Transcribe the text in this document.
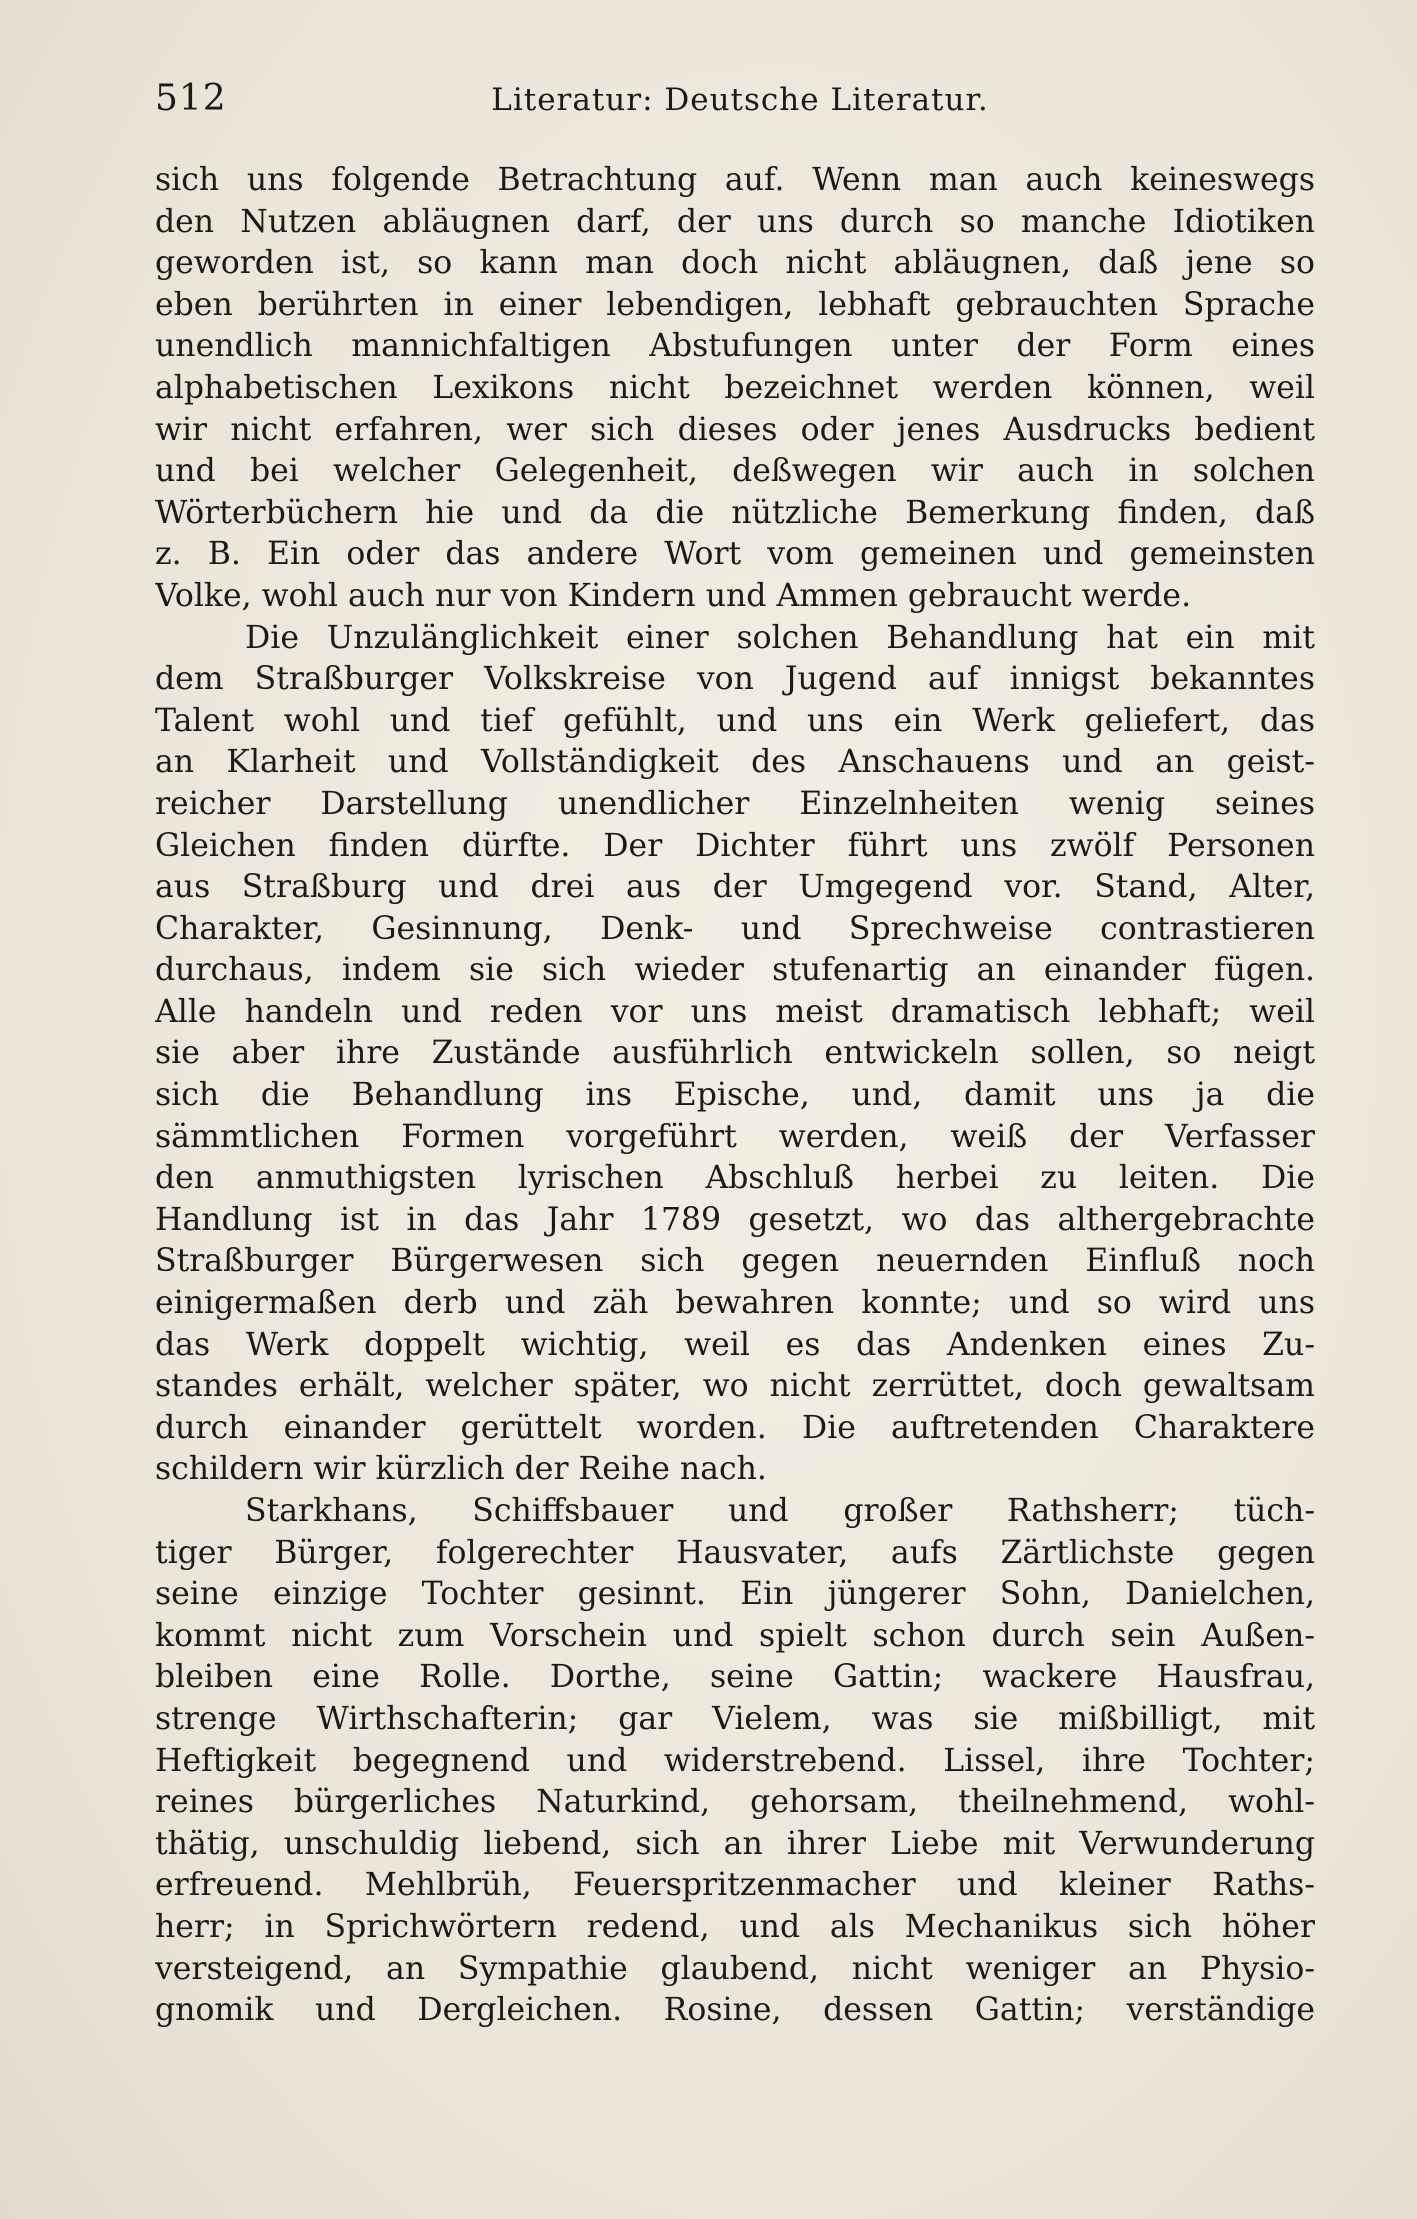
512	Literatur: Deutsche Literatur.
sich uns folgende Betrachtung auf. Wenn man auch keineswegs
den Nutzen abläugnen darf, der uns durch so manche Idiotiken
geworden ist, so kann man doch nicht abläugnen, daß jene so
eben berührten in einer lebendigen, lebhaft gebrauchten Sprache
unendlich mannichfaltigen Abstufungen unter der Form eines
alphabetischen Lexikons nicht bezeichnet werden können, weil
wir nicht erfahren, wer sich dieses oder jenes Ausdrucks bedient
und bei welcher Gelegenheit, deßwegen wir auch in solchen
Wörterbüchern hie und da die nützliche Bemerkung finden, daß
z. B. Ein oder das andere Wort vom gemeinen und gemeinsten
Volke, wohl auch nur von Kindern und Ammen gebraucht werde.
Die Unzulänglichkeit einer solchen Behandlung hat ein mit
dem Straßburger Volkskreise von Jugend auf innigst bekanntes
Talent wohl und tief gefühlt, und uns ein Werk geliefert, das
an Klarheit und Vollständigkeit des Anschauens und an geist-
reicher Darstellung unendlicher Einzelnheiten wenig seines
Gleichen finden dürfte. Der Dichter führt uns zwölf Personen
aus Straßburg und drei aus der Umgegend vor. Stand, Alter,
Charakter, Gesinnung, Denk- und Sprechweise contrastieren
durchaus, indem sie sich wieder stufenartig an einander fügen.
Alle handeln und reden vor uns meist dramatisch lebhaft; weil
sie aber ihre Zustände ausführlich entwickeln sollen, so neigt
sich die Behandlung ins Epische, und, damit uns ja die
sämmtlichen Formen vorgeführt werden, weiß der Verfasser
den anmuthigsten lyrischen Abschluß herbei zu leiten. Die
Handlung ist in das Jahr 1789 gesetzt, wo das althergebrachte
Straßburger Bürgerwesen sich gegen neuernden Einfluß noch
einigermaßen derb und zäh bewahren konnte; und so wird uns
das Werk doppelt wichtig, weil es das Andenken eines Zu-
standes erhält, welcher später, wo nicht zerrüttet, doch gewaltsam
durch einander gerüttelt worden. Die auftretenden Charaktere
schildern wir kürzlich der Reihe nach.
Starkhans, Schiffsbauer und großer Rathsherr; tüch-
tiger Bürger, folgerechter Hausvater, aufs Zärtlichste gegen
seine einzige Tochter gesinnt. Ein jüngerer Sohn, Danielchen,
kommt nicht zum Vorschein und spielt schon durch sein Außen-
bleiben eine Rolle. Dorthe, seine Gattin; wackere Hausfrau,
strenge Wirthschafterin; gar Vielem, was sie mißbilligt, mit
Heftigkeit begegnend und widerstrebend. Lissel, ihre Tochter;
reines bürgerliches Naturkind, gehorsam, theilnehmend, wohl-
thätig, unschuldig liebend, sich an ihrer Liebe mit Verwunderung
erfreuend. Mehlbrüh, Feuerspritzenmacher und kleiner Raths-
herr; in Sprichwörtern redend, und als Mechanikus sich höher
versteigend, an Sympathie glaubend, nicht weniger an Physio-
gnomik und Dergleichen. Rosine, dessen Gattin; verständige
